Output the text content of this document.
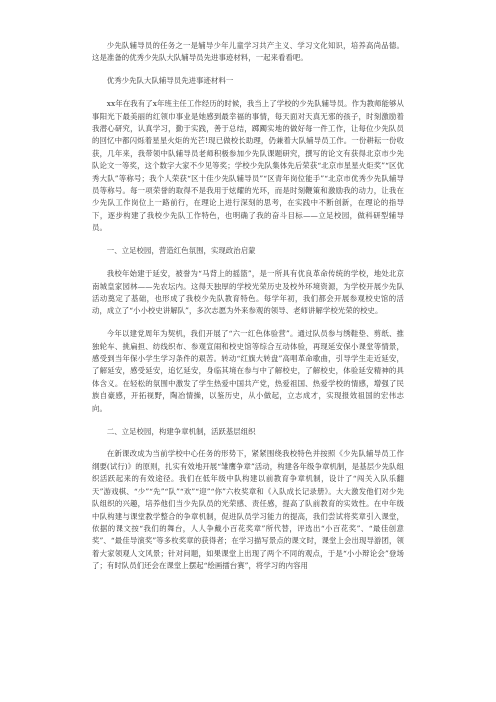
少先队辅导员的任务之一是辅导少年儿童学习共产主义、学习文化知识，培养高尚品德。这是准备的优秀少先队大队辅导员先进事迹材料，一起来看看吧。

优秀少先队大队辅导员先进事迹材料一

xx年在我有了x年班主任工作经历的时候，我当上了学校的少先队辅导员。作为教师能够从事阳光下最美丽的红领巾事业是她感到最幸福的事情，每天面对天真无邪的孩子，时刻激励着我潜心研究，认真学习，勤于实践，善于总结，踯躅实地的做好每一件工作，让每位少先队员的回忆中都闪烁着星星火炬的光芒!现已做校长助理，仍兼着大队辅导员工作。一份耕耘一份收获，几年来，我带领中队辅导员老师积极参加少先队课题研究，撰写的论文有获得北京市少先队论文一等奖，这个数字大家不少见等奖；学校少先队集体先后荣获“北京市星星火炬奖”“区优秀大队”等称号；我个人荣获“区十佳少先队辅导员”“区青年岗位能手”“北京市优秀少先队辅导员等称号。每一项荣誉的取得不是我用于炫耀的光环，而是时刻鞭策和激励我的动力，让我在少先队工作岗位上一路前行，在理论上进行深刻的思考，在实践中不断创新，在理论的指导下，逐步构建了我校少先队工作特色，也明确了我的奋斗目标——立足校园，做科研型辅导员。

一、立足校园，营造红色氛围，实现政治启蒙

我校年始建于延安，被誉为“马背上的摇篮”，是一所具有优良革命传统的学校，地处北京南城皇家园林——先农坛内。这得天独厚的学校光荣历史及校外环境资源，为学校开展少先队活动奠定了基础，也形成了我校少先队教育特色。每学年初，我们都会开展参观校史馆的活动，成立了“小小校史讲解队”，多次志愿为外来参观的领导、老师讲解学校光荣的校史。

今年以建党周年为契机，我们开展了“六一红色体验营”。通过队员参与绣鞋垫、剪纸、推独轮车、挑扁担、纺线织布、参观宣闹和校史馆等综合互动体验，再现延安保小课堂等情景，感受到当年保小学生学习条件的艰苦。转动“红旗大转盘”高唱革命歌曲，引导学生走近延安，了解延安，感受延安，追忆延安，身临其境在参与中了解校史，了解校史，体验延安精神的具体含义。在轻松的氛围中激发了学生热爱中国共产党，热爱祖国、热爱学校的情感，增强了民族自豪感，开拓视野，陶冶情操，以鉴历史，从小做起，立志成才，实现报效祖国的宏伟志向。

二、立足校园，构建争章机制，活跃基层组织

在新课改成为当前学校中心任务的形势下，紧紧围绕我校特色并按照《少先队辅导员工作纲要(试行)》的原则，扎实有效地开展“雏鹰争章”活动，构建各年级争章机制，是基层少先队组织活跃起来的有效途径。我们在低年级中队构建以前教育争章机制，设计了“闯关入队乐翻天”游戏棋、“少”“先”“队”“欢”“迎”“你”六枚奖章和《入队成长记录册》。大大激发他们对少先队组织的兴趣，培养他们当少先队员的光荣感、责任感，提高了队前教育的实效性。在中年级中队构建与课堂教学整合的争章机制，促进队员学习能力的提高，我们尝试将奖章引入课堂，依据的课文按“我们的舞台，人人争戴小百花奖章”所代替，评选出“小百花奖”、“最佳创意奖”、“最佳导演奖”等多枚奖章的获得者；在学习描写景点的课文时，课堂上会出现导游团，领着大家领观人文风景；针对问题，如果课堂上出现了两个不同的观点，于是“小小辩论会”登场了；有时队员们还会在课堂上摆起“绘画擂台赛”，将学习的内容用
